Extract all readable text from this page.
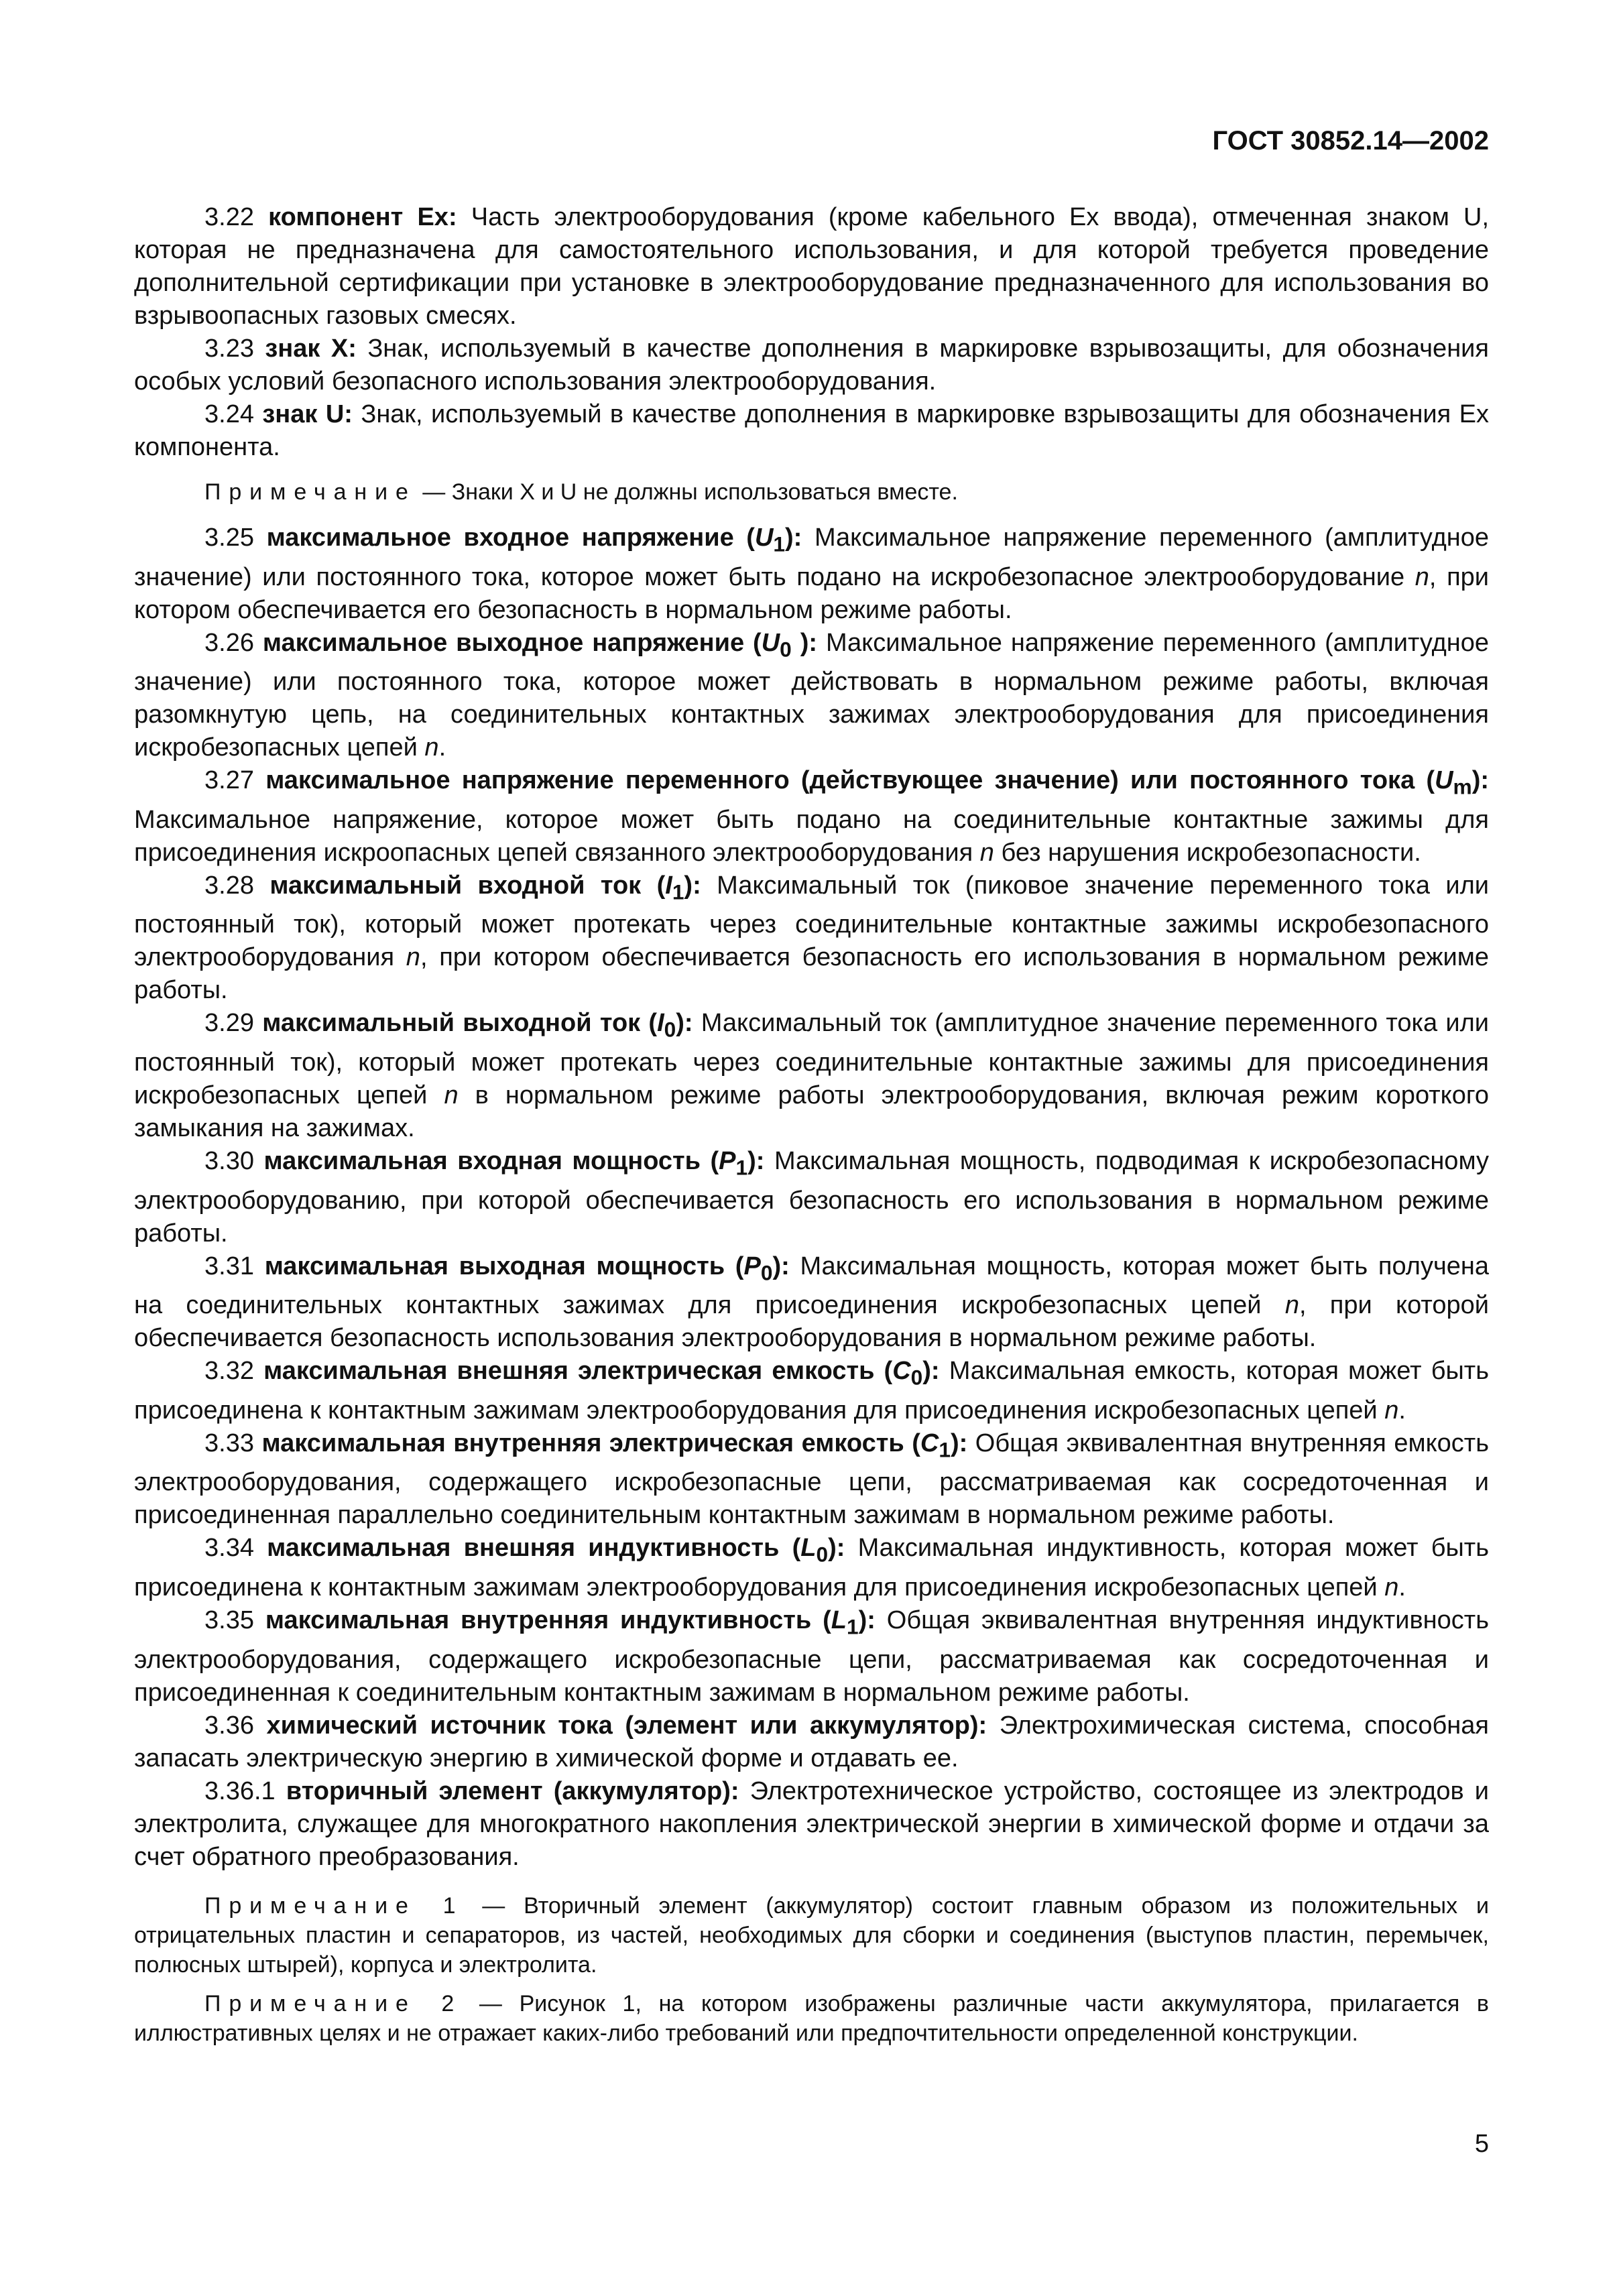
ГОСТ 30852.14—2002

3.22 компонент Ex: Часть электрооборудования (кроме кабельного Ex ввода), отмеченная знаком U, которая не предназначена для самостоятельного использования, и для которой требуется проведение дополнительной сертификации при установке в электрооборудование предназначенного для использования во взрывоопасных газовых смесях.

3.23 знак X: Знак, используемый в качестве дополнения в маркировке взрывозащиты, для обозначения особых условий безопасного использования электрооборудования.

3.24 знак U: Знак, используемый в качестве дополнения в маркировке взрывозащиты для обозначения Ex компонента.

Примечание — Знаки X и U не должны использоваться вместе.

3.25 максимальное входное напряжение $(U_1)$: Максимальное напряжение переменного (амплитудное значение) или постоянного тока, которое может быть подано на искробезопасное электрооборудование n, при котором обеспечивается его безопасность в нормальном режиме работы.

3.26 максимальное выходное напряжение ($U_0$ ): Максимальное напряжение переменного (амплитудное значение) или постоянного тока, которое может действовать в нормальном режиме работы, включая разомкнутую цепь, на соединительных контактных зажимах электрооборудования для присоединения искробезопасных цепей n.

3.27 максимальное напряжение переменного (действующее значение) или постоянного тока $(U_m)$: Максимальное напряжение, которое может быть подано на соединительные контактные зажимы для присоединения искроопасных цепей связанного электрооборудования n без нарушения искробезопасности.

3.28 максимальный входной ток $(I_1)$: Максимальный ток (пиковое значение переменного тока или постоянный ток), который может протекать через соединительные контактные зажимы искробезопасного электрооборудования n, при котором обеспечивается безопасность его использования в нормальном режиме работы.

3.29 максимальный выходной ток $(I_0)$: Максимальный ток (амплитудное значение переменного тока или постоянный ток), который может протекать через соединительные контактные зажимы для присоединения искробезопасных цепей n в нормальном режиме работы электрооборудования, включая режим короткого замыкания на зажимах.

3.30 максимальная входная мощность $(P_1)$: Максимальная мощность, подводимая к искробезопасному электрооборудованию, при которой обеспечивается безопасность его использования в нормальном режиме работы.

3.31 максимальная выходная мощность $(P_0)$: Максимальная мощность, которая может быть получена на соединительных контактных зажимах для присоединения искробезопасных цепей n, при которой обеспечивается безопасность использования электрооборудования в нормальном режиме работы.

3.32 максимальная внешняя электрическая емкость $(C_0)$: Максимальная емкость, которая может быть присоединена к контактным зажимам электрооборудования для присоединения искробезопасных цепей n.

3.33 максимальная внутренняя электрическая емкость $(C_1)$: Общая эквивалентная внутренняя емкость электрооборудования, содержащего искробезопасные цепи, рассматриваемая как сосредоточенная и присоединенная параллельно соединительным контактным зажимам в нормальном режиме работы.

3.34 максимальная внешняя индуктивность $(L_0)$: Максимальная индуктивность, которая может быть присоединена к контактным зажимам электрооборудования для присоединения искробезопасных цепей n.

3.35 максимальная внутренняя индуктивность $(L_1)$: Общая эквивалентная внутренняя индуктивность электрооборудования, содержащего искробезопасные цепи, рассматриваемая как сосредоточенная и присоединенная к соединительным контактным зажимам в нормальном режиме работы.

3.36 химический источник тока (элемент или аккумулятор): Электрохимическая система, способная запасать электрическую энергию в химической форме и отдавать ее.

3.36.1 вторичный элемент (аккумулятор): Электротехническое устройство, состоящее из электродов и электролита, служащее для многократного накопления электрической энергии в химической форме и отдачи за счет обратного преобразования.

Примечание 1 — Вторичный элемент (аккумулятор) состоит главным образом из положительных и отрицательных пластин и сепараторов, из частей, необходимых для сборки и соединения (выступов пластин, перемычек, полюсных штырей), корпуса и электролита.
Примечание 2 — Рисунок 1, на котором изображены различные части аккумулятора, прилагается в иллюстративных целях и не отражает каких-либо требований или предпочтительности определенной конструкции.
5
